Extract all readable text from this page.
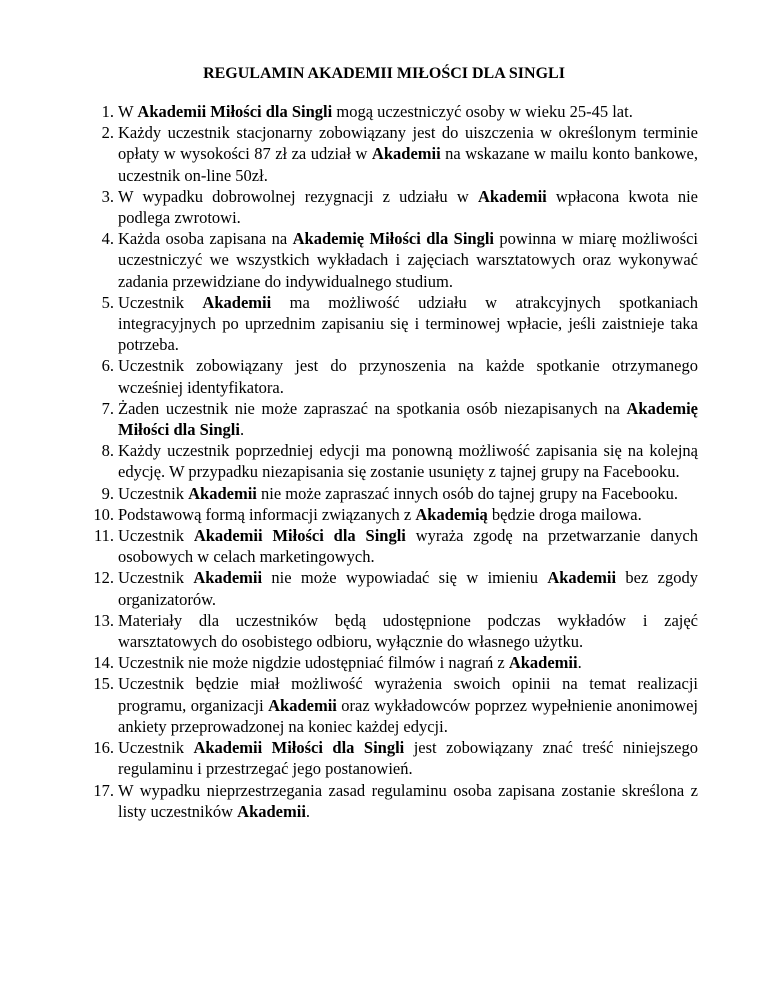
REGULAMIN AKADEMII MIŁOŚCI DLA SINGLI
1. W Akademii Miłości dla Singli mogą uczestniczyć osoby w wieku 25-45 lat.
2. Każdy uczestnik stacjonarny zobowiązany jest do uiszczenia w określonym terminie opłaty w wysokości 87 zł za udział w Akademii na wskazane w mailu konto bankowe, uczestnik on-line 50zł.
3. W wypadku dobrowolnej rezygnacji z udziału w Akademii wpłacona kwota nie podlega zwrotowi.
4. Każda osoba zapisana na Akademię Miłości dla Singli powinna w miarę możliwości uczestniczyć we wszystkich wykładach i zajęciach warsztatowych oraz wykonywać zadania przewidziane do indywidualnego studium.
5. Uczestnik Akademii ma możliwość udziału w atrakcyjnych spotkaniach integracyjnych po uprzednim zapisaniu się i terminowej wpłacie, jeśli zaistnieje taka potrzeba.
6. Uczestnik zobowiązany jest do przynoszenia na każde spotkanie otrzymanego wcześniej identyfikatora.
7. Żaden uczestnik nie może zapraszać na spotkania osób niezapisanych na Akademię Miłości dla Singli.
8. Każdy uczestnik poprzedniej edycji ma ponowną możliwość zapisania się na kolejną edycję. W przypadku niezapisania się zostanie usunięty z tajnej grupy na Facebooku.
9. Uczestnik Akademii nie może zapraszać innych osób do tajnej grupy na Facebooku.
10. Podstawową formą informacji związanych z Akademią będzie droga mailowa.
11. Uczestnik Akademii Miłości dla Singli wyraża zgodę na przetwarzanie danych osobowych w celach marketingowych.
12. Uczestnik Akademii nie może wypowiadać się w imieniu Akademii bez zgody organizatorów.
13. Materiały dla uczestników będą udostępnione podczas wykładów i zajęć warsztatowych do osobistego odbioru, wyłącznie do własnego użytku.
14. Uczestnik nie może nigdzie udostępniać filmów i nagrań z Akademii.
15. Uczestnik będzie miał możliwość wyrażenia swoich opinii na temat realizacji programu, organizacji Akademii oraz wykładowców poprzez wypełnienie anonimowej ankiety przeprowadzonej na koniec każdej edycji.
16. Uczestnik Akademii Miłości dla Singli jest zobowiązany znać treść niniejszego regulaminu i przestrzegać jego postanowień.
17. W wypadku nieprzestrzegania zasad regulaminu osoba zapisana zostanie skreślona z listy uczestników Akademii.
